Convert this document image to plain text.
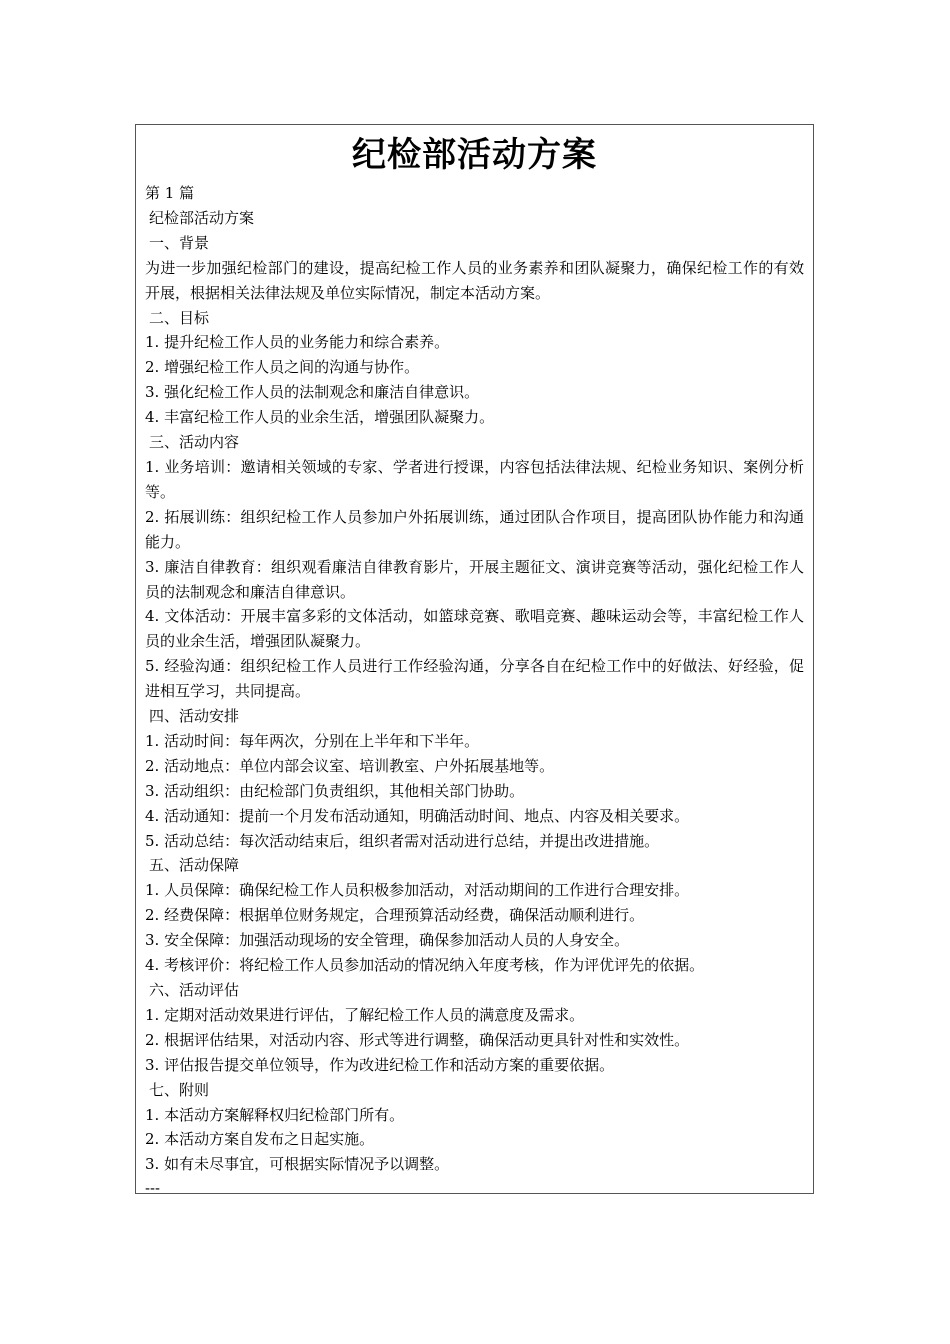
纪检部活动方案
第 1 篇
纪检部活动方案
一、背景
为进一步加强纪检部门的建设，提高纪检工作人员的业务素养和团队凝聚力，确保纪检工作的有效开展，根据相关法律法规及单位实际情况，制定本活动方案。
二、目标
1. 提升纪检工作人员的业务能力和综合素养。
2. 增强纪检工作人员之间的沟通与协作。
3. 强化纪检工作人员的法制观念和廉洁自律意识。
4. 丰富纪检工作人员的业余生活，增强团队凝聚力。
三、活动内容
1. 业务培训：邀请相关领域的专家、学者进行授课，内容包括法律法规、纪检业务知识、案例分析等。
2. 拓展训练：组织纪检工作人员参加户外拓展训练，通过团队合作项目，提高团队协作能力和沟通能力。
3. 廉洁自律教育：组织观看廉洁自律教育影片，开展主题征文、演讲竞赛等活动，强化纪检工作人员的法制观念和廉洁自律意识。
4. 文体活动：开展丰富多彩的文体活动，如篮球竞赛、歌唱竞赛、趣味运动会等，丰富纪检工作人员的业余生活，增强团队凝聚力。
5. 经验沟通：组织纪检工作人员进行工作经验沟通，分享各自在纪检工作中的好做法、好经验，促进相互学习，共同提高。
四、活动安排
1. 活动时间：每年两次，分别在上半年和下半年。
2. 活动地点：单位内部会议室、培训教室、户外拓展基地等。
3. 活动组织：由纪检部门负责组织，其他相关部门协助。
4. 活动通知：提前一个月发布活动通知，明确活动时间、地点、内容及相关要求。
5. 活动总结：每次活动结束后，组织者需对活动进行总结，并提出改进措施。
五、活动保障
1. 人员保障：确保纪检工作人员积极参加活动，对活动期间的工作进行合理安排。
2. 经费保障：根据单位财务规定，合理预算活动经费，确保活动顺利进行。
3. 安全保障：加强活动现场的安全管理，确保参加活动人员的人身安全。
4. 考核评价：将纪检工作人员参加活动的情况纳入年度考核，作为评优评先的依据。
六、活动评估
1. 定期对活动效果进行评估，了解纪检工作人员的满意度及需求。
2. 根据评估结果，对活动内容、形式等进行调整，确保活动更具针对性和实效性。
3. 评估报告提交单位领导，作为改进纪检工作和活动方案的重要依据。
七、附则
1. 本活动方案解释权归纪检部门所有。
2. 本活动方案自发布之日起实施。
3. 如有未尽事宜，可根据实际情况予以调整。
---
